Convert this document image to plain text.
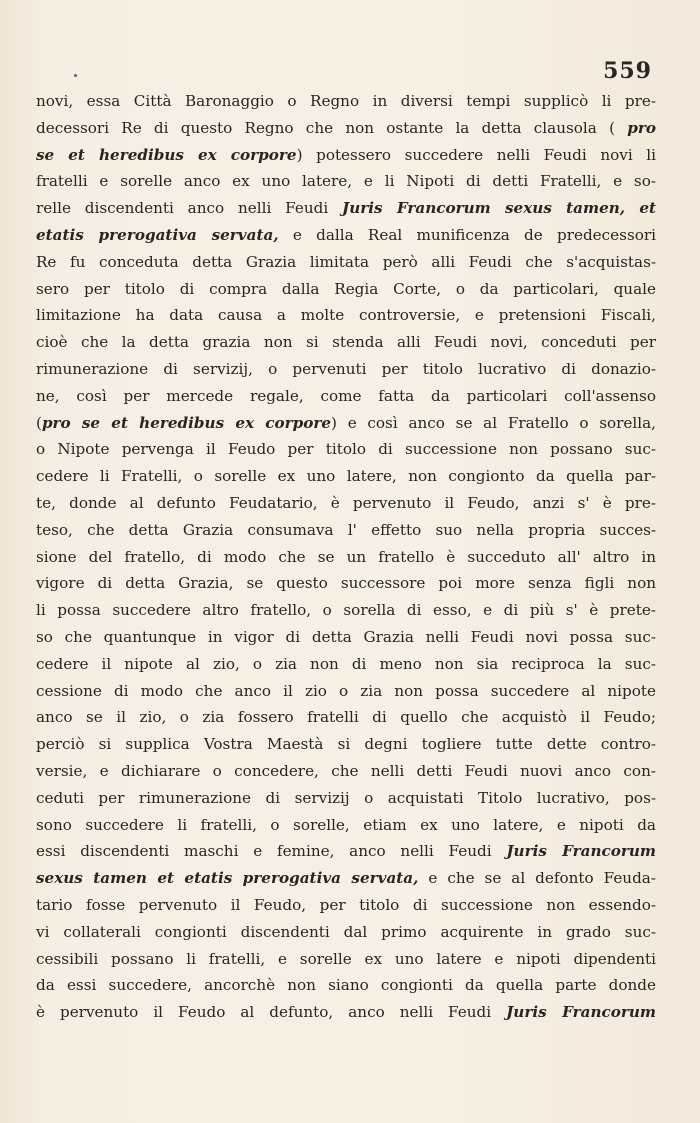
559
novi, essa Città Baronaggio o Regno in diversi tempi supplicò li pre-
decessori Re di questo Regno che non ostante la detta clausola ( pro
se et heredibus ex corpore) potessero succedere nelli Feudi novi li
fratelli e sorelle anco ex uno latere, e li Nipoti di detti Fratelli, e so-
relle discendenti anco nelli Feudi Juris Francorum sexus tamen, et
etatis prerogativa servata, e dalla Real munificenza de predecessori
Re fu conceduta detta Grazia limitata però alli Feudi che s'acquistas-
sero per titolo di compra dalla Regia Corte, o da particolari, quale
limitazione ha data causa a molte controversie, e pretensioni Fiscali,
cioè che la detta grazia non si stenda alli Feudi novi, conceduti per
rimunerazione di servizij, o pervenuti per titolo lucrativo di donazio-
ne, così per mercede regale, come fatta da particolari coll'assenso
(pro se et heredibus ex corpore) e così anco se al Fratello o sorella,
o Nipote pervenga il Feudo per titolo di successione non possano suc-
cedere li Fratelli, o sorelle ex uno latere, non congionto da quella par-
te, donde al defunto Feudatario, è pervenuto il Feudo, anzi s' è pre-
teso, che detta Grazia consumava l' effetto suo nella propria succes-
sione del fratello, di modo che se un fratello è succeduto all' altro in
vigore di detta Grazia, se questo successore poi more senza figli non
li possa succedere altro fratello, o sorella di esso, e di più s' è prete-
so che quantunque in vigor di detta Grazia nelli Feudi novi possa suc-
cedere il nipote al zio, o zia non di meno non sia reciproca la suc-
cessione di modo che anco il zio o zia non possa succedere al nipote
anco se il zio, o zia fossero fratelli di quello che acquistò il Feudo;
perciò si supplica Vostra Maestà si degni togliere tutte dette contro-
versie, e dichiarare o concedere, che nelli detti Feudi nuovi anco con-
ceduti per rimunerazione di servizij o acquistati Titolo lucrativo, pos-
sono succedere li fratelli, o sorelle, etiam ex uno latere, e nipoti da
essi discendenti maschi e femine, anco nelli Feudi Juris Francorum
sexus tamen et etatis prerogativa servata, e che se al defonto Feuda-
tario fosse pervenuto il Feudo, per titolo di successione non essendo-
vi collaterali congionti discendenti dal primo acquirente in grado suc-
cessibili possano li fratelli, e sorelle ex uno latere e nipoti dipendenti
da essi succedere, ancorchè non siano congionti da quella parte donde
è pervenuto il Feudo al defunto, anco nelli Feudi Juris Francorum
